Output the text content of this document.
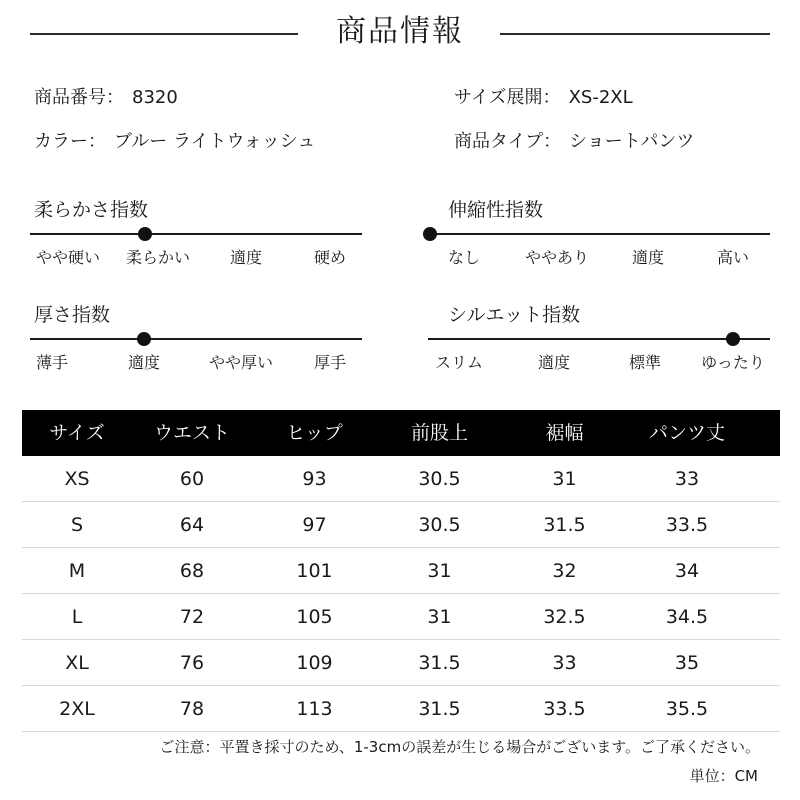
商品情報
商品番号： 8320	サイズ展開： XS-2XL
カラー： ブルー ライトウォッシュ	商品タイプ： ショートパンツ
柔らかさ指数
やや硬い 柔らかい 適度	硬め
伸縮性指数
なし	ややあり	適度	高い
厚さ指数
薄手	適度	やや厚い	厚手
シルエット指数
スリム	適度	標準	ゆったり
サイズ	ウエスト	ヒップ	前股上	裾幅	パンツ丈
XS	60	93	30.5	31	33
S	64	97	30.5	31.5	33.5
M	68	101	31	32	34
L	72	105	31	32.5	34.5
XL	76	109	31.5	33	35
2XL	78	113	31.5	33.5	35.5
ご注意：平置き採寸のため、1-3cmの誤差が生じる場合がございます。ご了承ください。
単位：CM
